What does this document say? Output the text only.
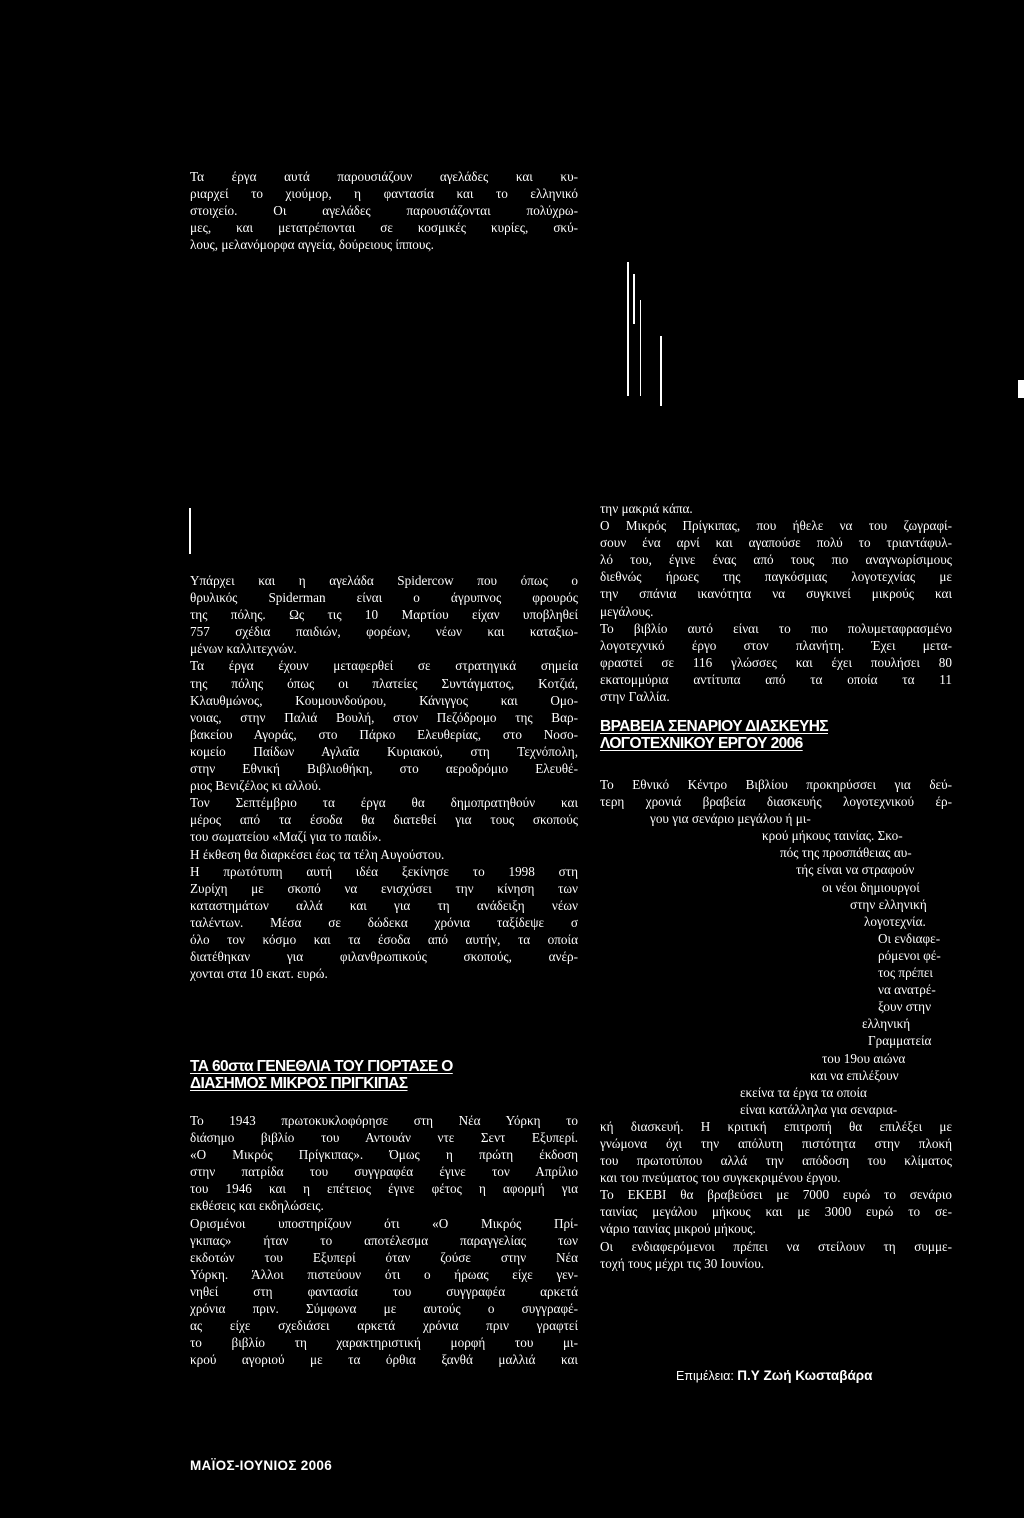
Τα έργα αυτά παρουσιάζουν αγελάδες και κυ-

ριαρχεί το χιούμορ, η φαντασία και το ελληνικό

στοιχείο. Οι αγελάδες παρουσιάζονται πολύχρω-

μες, και μετατρέπονται σε κοσμικές κυρίες, σκύ-

λους, μελανόμορφα αγγεία, δούρειους ίππους.

Υπάρχει και η αγελάδα Spidercow που όπως ο

θρυλικός Spiderman είναι ο άγρυπνος φρουρός

της πόλης. Ως τις 10 Μαρτίου είχαν υποβληθεί

757 σχέδια παιδιών, φορέων, νέων και καταξιω-

μένων καλλιτεχνών.

Τα έργα έχουν μεταφερθεί σε στρατηγικά σημεία

της πόλης όπως οι πλατείες Συντάγματος, Κοτζιά,

Κλαυθμώνος, Κουμουνδούρου, Κάνιγγος και Ομο-

νοιας, στην Παλιά Βουλή, στον Πεζόδρομο της Βαρ-

βακείου Αγοράς, στο Πάρκο Ελευθερίας, στο Νοσο-

κομείο Παίδων Αγλαΐα Κυριακού, στη Τεχνόπολη,

στην Εθνική Βιβλιοθήκη, στο αεροδρόμιο Ελευθέ-

ριος Βενιζέλος κι αλλού.

Τον Σεπτέμβριο τα έργα θα δημοπρατηθούν και

μέρος από τα έσοδα θα διατεθεί για τους σκοπούς

του σωματείου «Μαζί για το παιδί».

Η έκθεση θα διαρκέσει έως τα τέλη Αυγούστου.

Η πρωτότυπη αυτή ιδέα ξεκίνησε το 1998 στη

Ζυρίχη με σκοπό να ενισχύσει την κίνηση των

καταστημάτων αλλά και για τη ανάδειξη νέων

ταλέντων. Μέσα σε δώδεκα χρόνια ταξίδεψε σ

όλο τον κόσμο και τα έσοδα από αυτήν, τα οποία

διατέθηκαν για φιλανθρωπικούς σκοπούς, ανέρ-

χονται στα 10 εκατ. ευρώ.

ΤΑ 60στα ΓΕΝΕΘΛΙΑ ΤΟΥ ΓΙΟΡΤΑΣΕ Ο

ΔΙΑΣΗΜΟΣ ΜΙΚΡΟΣ ΠΡΙΓΚΙΠΑΣ

Το 1943 πρωτοκυκλοφόρησε στη Νέα Υόρκη το

διάσημο βιβλίο του Αντουάν ντε Σεντ Εξυπερί.

«Ο Μικρός Πρίγκιπας». Όμως η πρώτη έκδοση

στην πατρίδα του συγγραφέα έγινε τον Απρίλιο

του 1946 και η επέτειος έγινε φέτος η αφορμή για

εκθέσεις και εκδηλώσεις.

Ορισμένοι υποστηρίζουν ότι «Ο Μικρός Πρί-

γκιπας» ήταν το αποτέλεσμα παραγγελίας των

εκδοτών του Εξυπερί όταν ζούσε στην Νέα

Υόρκη. Άλλοι πιστεύουν ότι ο ήρωας είχε γεν-

νηθεί στη φαντασία του συγγραφέα αρκετά

χρόνια πριν. Σύμφωνα με αυτούς ο συγγραφέ-

ας είχε σχεδιάσει αρκετά χρόνια πριν γραφτεί

το βιβλίο τη χαρακτηριστική μορφή του μι-

κρού αγοριού με τα όρθια ξανθά μαλλιά και

την μακριά κάπα.

Ο Μικρός Πρίγκιπας, που ήθελε να του ζωγραφί-

σουν ένα αρνί και αγαπούσε πολύ το τριαντάφυλ-

λό του, έγινε ένας από τους πιο αναγνωρίσιμους

διεθνώς ήρωες της παγκόσμιας λογοτεχνίας με

την σπάνια ικανότητα να συγκινεί μικρούς και

μεγάλους.

Το βιβλίο αυτό είναι το πιο πολυμεταφρασμένο

λογοτεχνικό έργο στον πλανήτη. Έχει μετα-

φραστεί σε 116 γλώσσες και έχει πουλήσει 80

εκατομμύρια αντίτυπα από τα οποία τα 11

στην Γαλλία.

ΒΡΑΒΕΙΑ ΣΕΝΑΡΙΟΥ ΔΙΑΣΚΕΥΗΣ

ΛΟΓΟΤΕΧΝΙΚΟΥ ΕΡΓΟΥ 2006

Το Εθνικό Κέντρο Βιβλίου προκηρύσσει για δεύ-

τερη χρονιά βραβεία διασκευής λογοτεχνικού έρ-

γου για σενάριο μεγάλου ή μι-

κρού μήκους ταινίας. Σκο-

πός της προσπάθειας αυ-

τής είναι να στραφούν

οι νέοι δημιουργοί

στην ελληνική

λογοτεχνία.

Οι ενδιαφε-

ρόμενοι φέ-

τος πρέπει

να ανατρέ-

ξουν στην

ελληνική

Γραμματεία

του 19ου αιώνα

και να επιλέξουν

εκείνα τα έργα τα οποία

είναι κατάλληλα για σεναρια-

κή διασκευή. Η κριτική επιτροπή θα επιλέξει με

γνώμονα όχι την απόλυτη πιστότητα στην πλοκή

του πρωτοτύπου αλλά την απόδοση του κλίματος

και του πνεύματος του συγκεκριμένου έργου.

Το ΕΚΕΒΙ θα βραβεύσει με 7000 ευρώ το σενάριο

ταινίας μεγάλου μήκους και με 3000 ευρώ το σε-

νάριο ταινίας μικρού μήκους.

Οι ενδιαφερόμενοι πρέπει να στείλουν τη συμμε-

τοχή τους μέχρι τις 30 Ιουνίου.

Επιμέλεια: Π.Υ Ζωή Κωσταβάρα
ΜΑΪΟΣ-ΙΟΥΝΙΟΣ 2006
